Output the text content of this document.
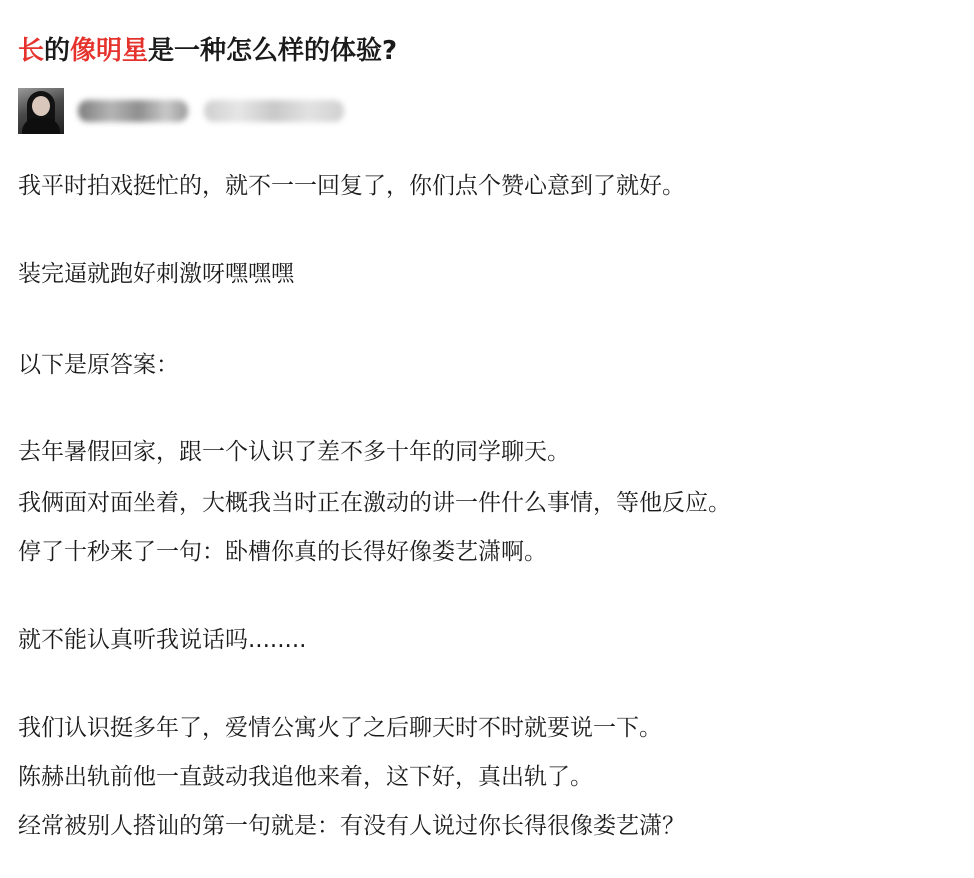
长的像明星是一种怎么样的体验?
我平时拍戏挺忙的，就不一一回复了，你们点个赞心意到了就好。
装完逼就跑好刺激呀嘿嘿嘿
以下是原答案：
去年暑假回家，跟一个认识了差不多十年的同学聊天。
我俩面对面坐着，大概我当时正在激动的讲一件什么事情，等他反应。
停了十秒来了一句：卧槽你真的长得好像娄艺潇啊。
就不能认真听我说话吗........
我们认识挺多年了，爱情公寓火了之后聊天时不时就要说一下。
陈赫出轨前他一直鼓动我追他来着，这下好，真出轨了。
经常被别人搭讪的第一句就是：有没有人说过你长得很像娄艺潇？
